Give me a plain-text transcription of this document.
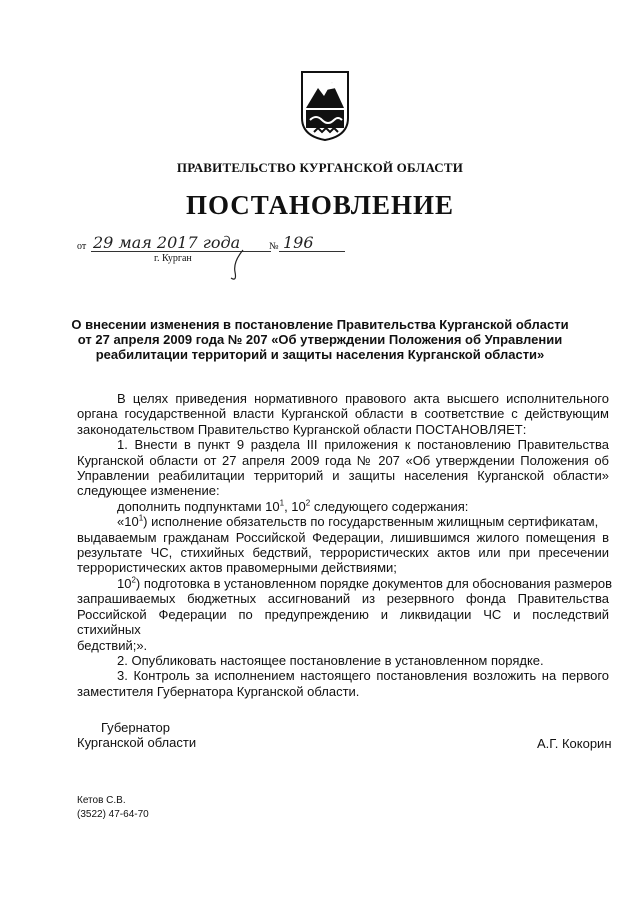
ПРАВИТЕЛЬСТВО КУРГАНСКОЙ ОБЛАСТИ
ПОСТАНОВЛЕНИЕ
от 29 мая 2017 года	№ 196
г. Курган
О внесении изменения в постановление Правительства Курганской области
от 27 апреля 2009 года № 207 «Об утверждении Положения об Управлении
реабилитации территорий и защиты населения Курганской области»
В целях приведения нормативного правового акта высшего исполнительного
органа государственной власти Курганской области в соответствие с действующим
законодательством Правительство Курганской области ПОСТАНОВЛЯЕТ:
1. Внести в пункт 9 раздела III приложения к постановлению Правительства
Курганской области от 27 апреля 2009 года № 207 «Об утверждении Положения об
Управлении реабилитации территорий и защиты населения Курганской области»
следующее изменение:
дополнить подпунктами $10^1$, $10^2$ следующего содержания:
«$10^1$) исполнение обязательств по государственным жилищным сертификатам,
выдаваемым гражданам Российской Федерации, лишившимся жилого помещения в
результате ЧС, стихийных бедствий, террористических актов или при пресечении
террористических актов правомерными действиями;
$10^2$) подготовка в установленном порядке документов для обоснования размеров
запрашиваемых бюджетных ассигнований из резервного фонда Правительства
Российской Федерации по предупреждению и ликвидации ЧС и последствий стихийных
бедствий;».
2. Опубликовать настоящее постановление в установленном порядке.
3. Контроль за исполнением настоящего постановления возложить на первого
заместителя Губернатора Курганской области.
Губернатор
Курганской области	А.Г. Кокорин
Кетов С.В.
(3522) 47-64-70
